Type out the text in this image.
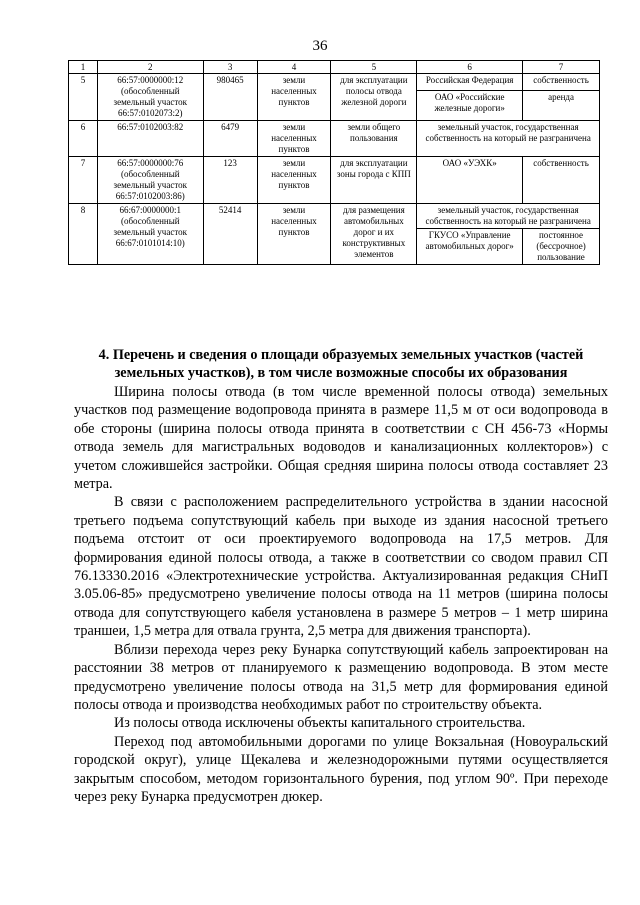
36
1	2	3	4	5	6	7
5	66:57:0000000:12 (обособленный земельный участок 66:57:0102073:2)	980465	земли населенных пунктов	для эксплуатации полосы отвода железной дороги	Российская Федерация	собственность
					ОАО «Российские железные дороги»	аренда
6	66:57:0102003:82	6479	земли населенных пунктов	земли общего пользования	земельный участок, государственная собственность на который не разграничена	
7	66:57:0000000:76 (обособленный земельный участок 66:57:0102003:86)	123	земли населенных пунктов	для эксплуатации зоны города с КПП	ОАО «УЭХК»	собственность
8	66:67:0000000:1 (обособленный земельный участок 66:67:0101014:10)	52414	земли населенных пунктов	для размещения автомобильных дорог и их конструктивных элементов	земельный участок, государственная собственность на который не разграничена	
					ГКУСО «Управление автомобильных дорог»	постоянное (бессрочное) пользование
4. Перечень и сведения о площади образуемых земельных участков (частей земельных участков), в том числе возможные способы их образования

Ширина полосы отвода (в том числе временной полосы отвода) земельных участков под размещение водопровода принята в размере 11,5 м от оси водопровода в обе стороны (ширина полосы отвода принята в соответствии с СН 456-73 «Нормы отвода земель для магистральных водоводов и канализационных коллекторов») с учетом сложившейся застройки. Общая средняя ширина полосы отвода составляет 23 метра.

В связи с расположением распределительного устройства в здании насосной третьего подъема сопутствующий кабель при выходе из здания насосной третьего подъема отстоит от оси проектируемого водопровода на 17,5 метров. Для формирования единой полосы отвода, а также в соответствии со сводом правил СП 76.13330.2016 «Электротехнические устройства. Актуализированная редакция СНиП 3.05.06-85» предусмотрено увеличение полосы отвода на 11 метров (ширина полосы отвода для сопутствующего кабеля установлена в размере 5 метров – 1 метр ширина траншеи, 1,5 метра для отвала грунта, 2,5 метра для движения транспорта).

Вблизи перехода через реку Бунарка сопутствующий кабель запроектирован на расстоянии 38 метров от планируемого к размещению водопровода. В этом месте предусмотрено увеличение полосы отвода на 31,5 метр для формирования единой полосы отвода и производства необходимых работ по строительству объекта.

Из полосы отвода исключены объекты капитального строительства.

Переход под автомобильными дорогами по улице Вокзальная (Новоуральский городской округ), улице Щекалева и железнодорожными путями осуществляется закрытым способом, методом горизонтального бурения, под углом 90º. При переходе через реку Бунарка предусмотрен дюкер.
